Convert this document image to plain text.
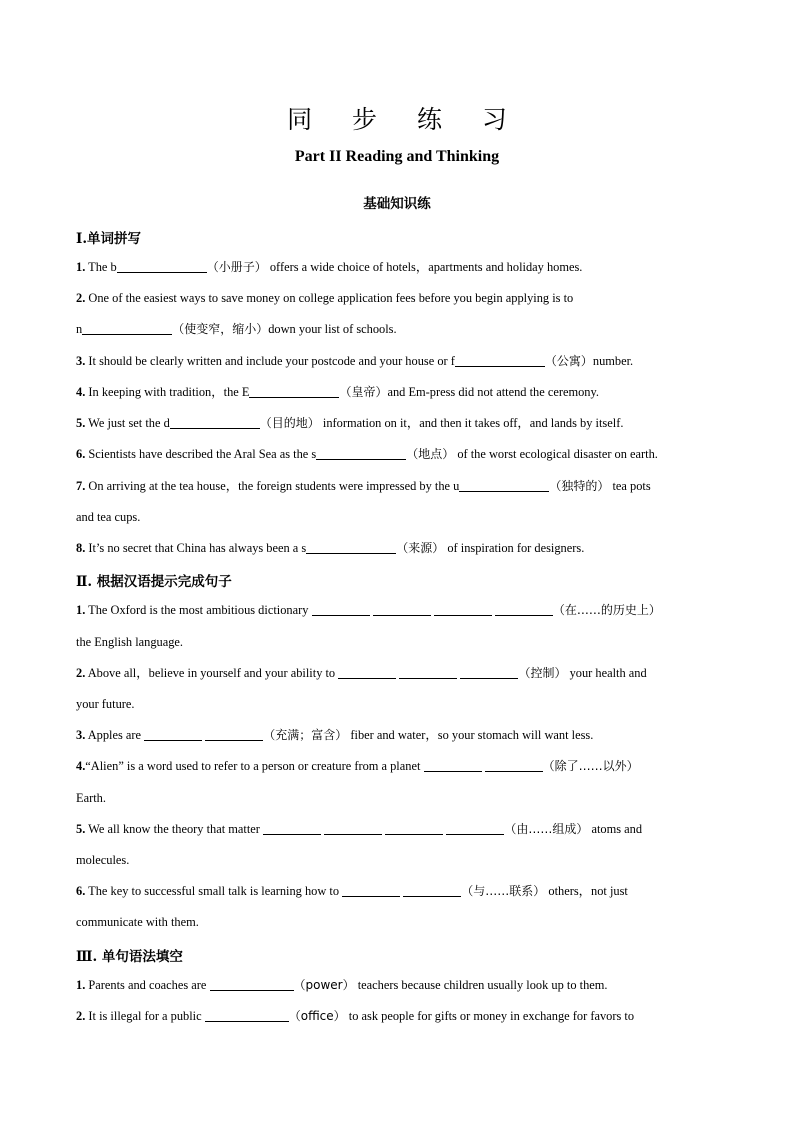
同 步 练 习
Part II Reading and Thinking
基础知识练
Ⅰ.单词拼写
1. The b	（小册子） offers a wide choice of hotels，apartments and holiday homes.
2. One of the easiest ways to save money on college application fees before you begin applying is to
n	（使变窄，缩小）down your list of schools.
3. It should be clearly written and include your postcode and your house or f	（公寓）number.
4. In keeping with tradition，the E	（皇帝）and Em-press did not attend the ceremony.
5. We just set the d	（目的地） information on it，and then it takes off，and lands by itself.
6. Scientists have described the Aral Sea as the s	（地点） of the worst ecological disaster on earth.
7. On arriving at the tea house，the foreign students were impressed by the u	（独特的） tea pots
and tea cups.
8. It’s no secret that China has always been a s	（来源） of inspiration for designers.
Ⅱ. 根据汉语提示完成句子
1. The Oxford is the most ambitious dictionary	（在……的历史上）
the English language.
2. Above all，believe in yourself and your ability to	（控制） your health and
your future.
3. Apples are	（充满；富含） fiber and water，so your stomach will want less.
4.“Alien” is a word used to refer to a person or creature from a planet	（除了……以外）
Earth.
5. We all know the theory that matter	（由……组成） atoms and
molecules.
6. The key to successful small talk is learning how to	（与……联系） others，not just
communicate with them.
Ⅲ. 单句语法填空
1. Parents and coaches are	（power） teachers because children usually look up to them.
2. It is illegal for a public	（office） to ask people for gifts or money in exchange for favors to
